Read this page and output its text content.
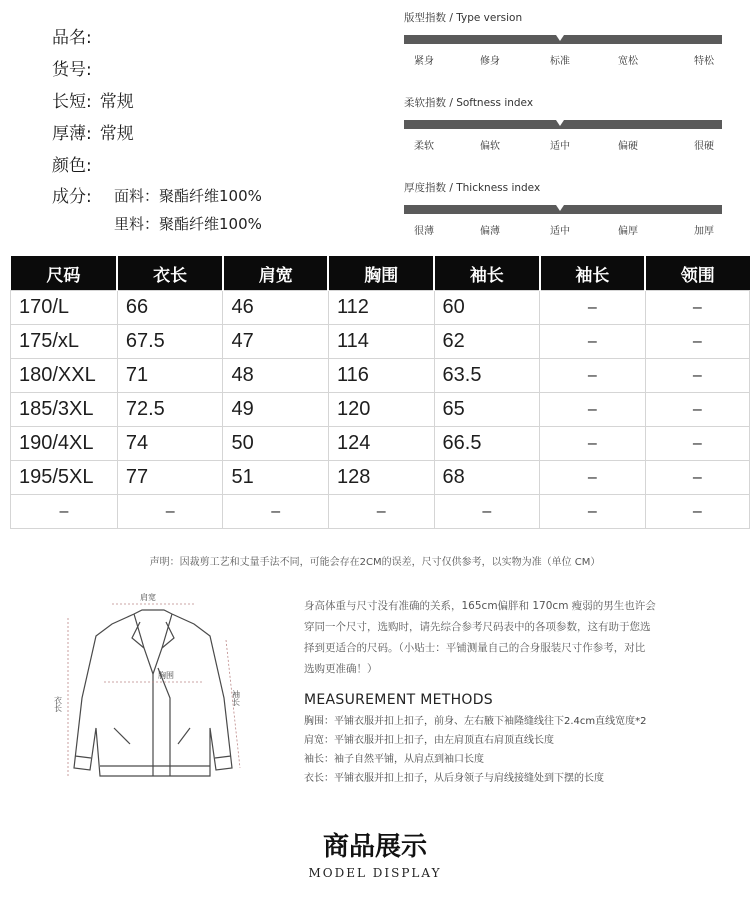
品名:
货号:
长短: 常规
厚薄: 常规
颜色:
成分: 面料：聚酯纤维100%
里料：聚酯纤维100%
版型指数 / Type version
紧身	修身	标准	宽松	特松
柔软指数 / Softness index
柔软	偏软	适中	偏硬	很硬
厚度指数 / Thickness index
很薄	偏薄	适中	偏厚	加厚
尺码	衣长	肩宽	胸围	袖长	袖长	领围
170/L	66	46	112	60	–	–
175/xL	67.5	47	114	62	–	–
180/XXL	71	48	116	63.5	–	–
185/3XL	72.5	49	120	65	–	–
190/4XL	74	50	124	66.5	–	–
195/5XL	77	51	128	68	–	–
–	–	–	–	–	–	–
声明：因裁剪工艺和丈量手法不同，可能会存在2CM的误差，尺寸仅供参考，以实物为准（单位 CM）
肩宽
胸围
衣长	袖长
身高体重与尺寸没有准确的关系，165cm偏胖和 170cm 瘦弱的男生也许会
穿同一个尺寸，选购时，请先综合参考尺码表中的各项参数，这有助于您选
择到更适合的尺码。（小贴士：平铺测量自己的合身服装尺寸作参考，对比
选购更准确！）
MEASUREMENT METHODS
胸围：平铺衣服并扣上扣子，前身、左右腋下袖隆缝线往下2.4cm直线宽度*2
肩宽：平铺衣服并扣上扣子，由左肩顶直右肩顶直线长度
袖长：袖子自然平铺，从肩点到袖口长度
衣长：平铺衣服并扣上扣子，从后身领子与肩线接缝处到下摆的长度
商品展示
MODEL DISPLAY
